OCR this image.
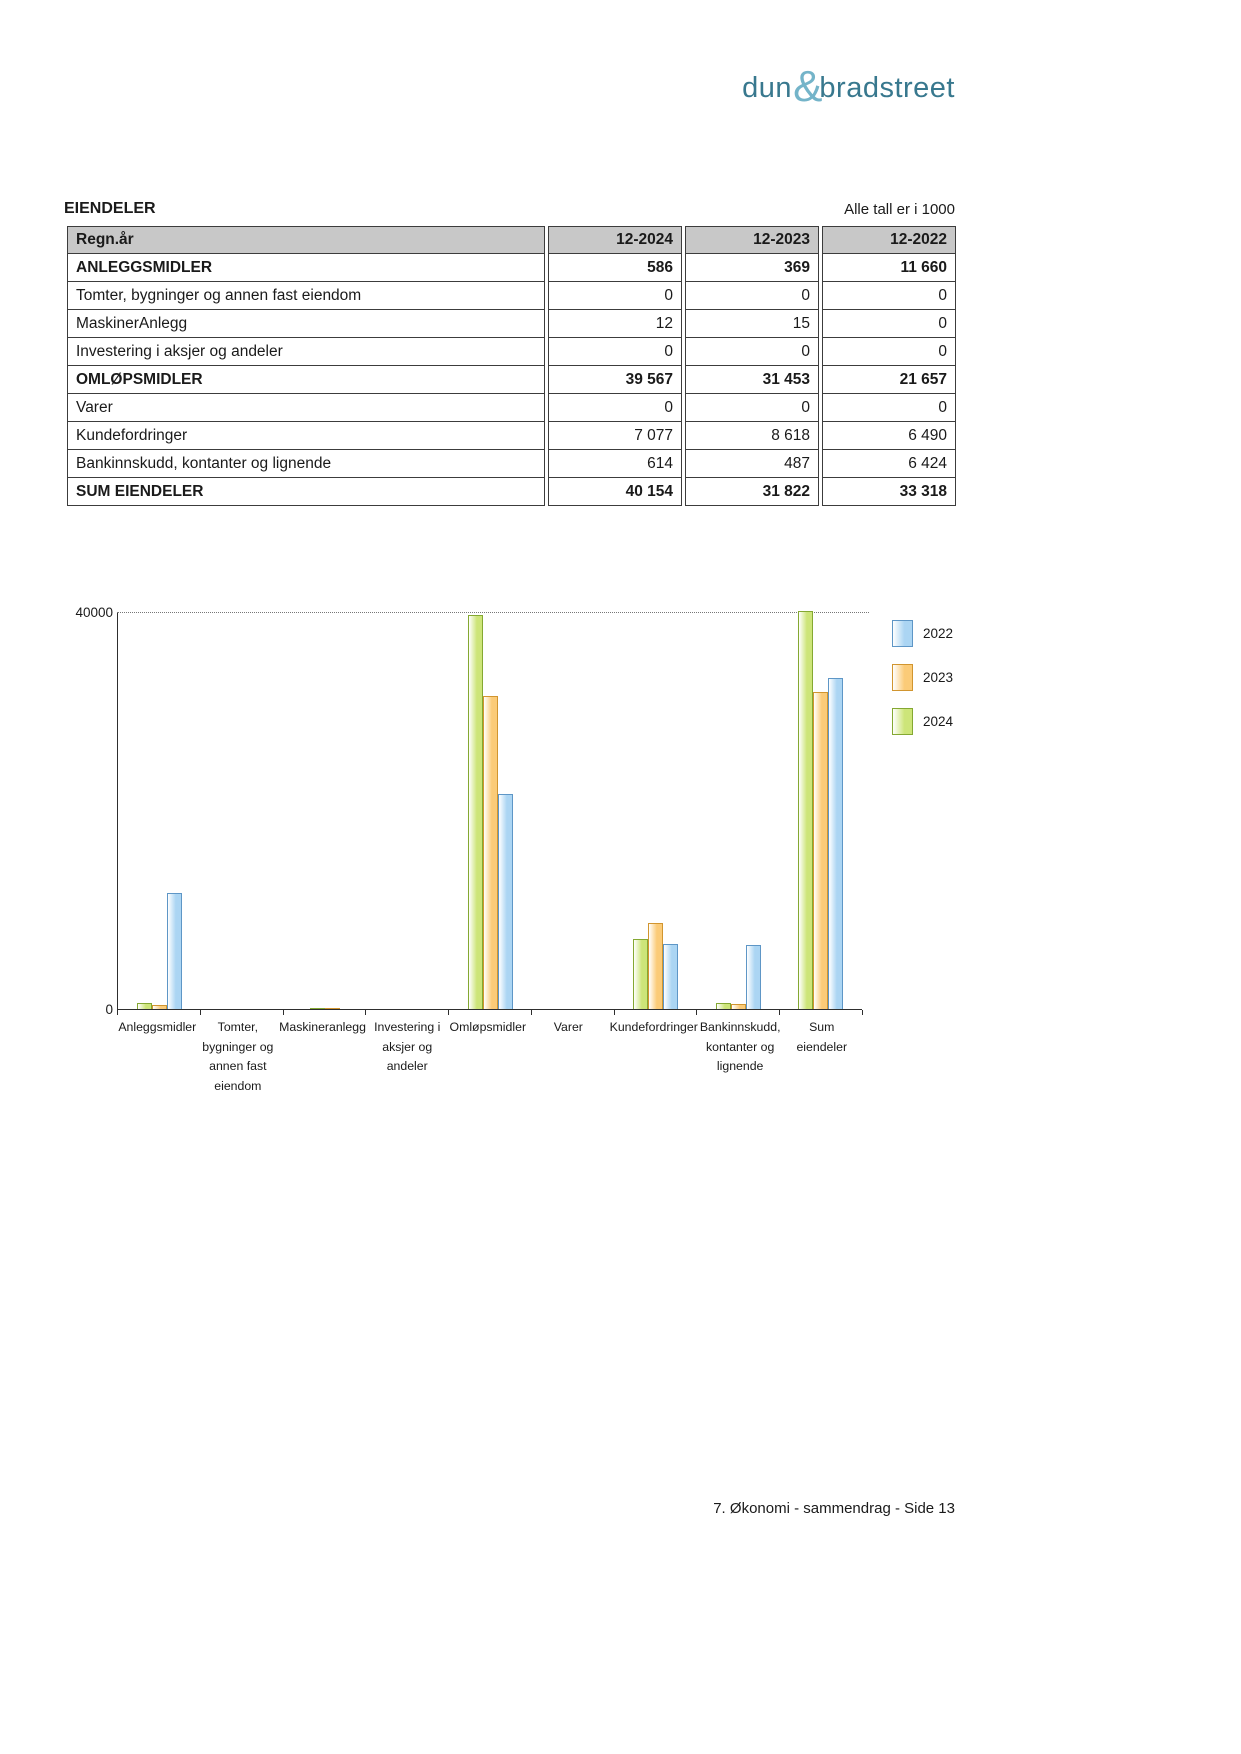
dun &
bradstreet
EIENDELER	Alle tall er i 1000
Regn.år	12-2024	12-2023	12-2022
ANLEGGSMIDLER	586	369	11 660
Tomter, bygninger og annen fast eiendom	0	0	0
MaskinerAnlegg	12	15	0
Investering i aksjer og andeler	0	0	0
OMLØPSMIDLER	39 567	31 453	21 657
Varer	0	0	0
Kundefordringer	7 077	8 618	6 490
Bankinnskudd, kontanter og lignende	614	487	6 424
SUM EIENDELER	40 154	31 822	33 318
40000
0
Anleggsmidler	Tomter, bygninger og annen fast eiendom
Maskineranlegg Investering i aksjer og andeler
Omløpsmidler	Varer	Kundefordringer Bankinnskudd, kontanter og lignende
Sum eiendeler
2022
2023
2024
7. Økonomi - sammendrag - Side 13
